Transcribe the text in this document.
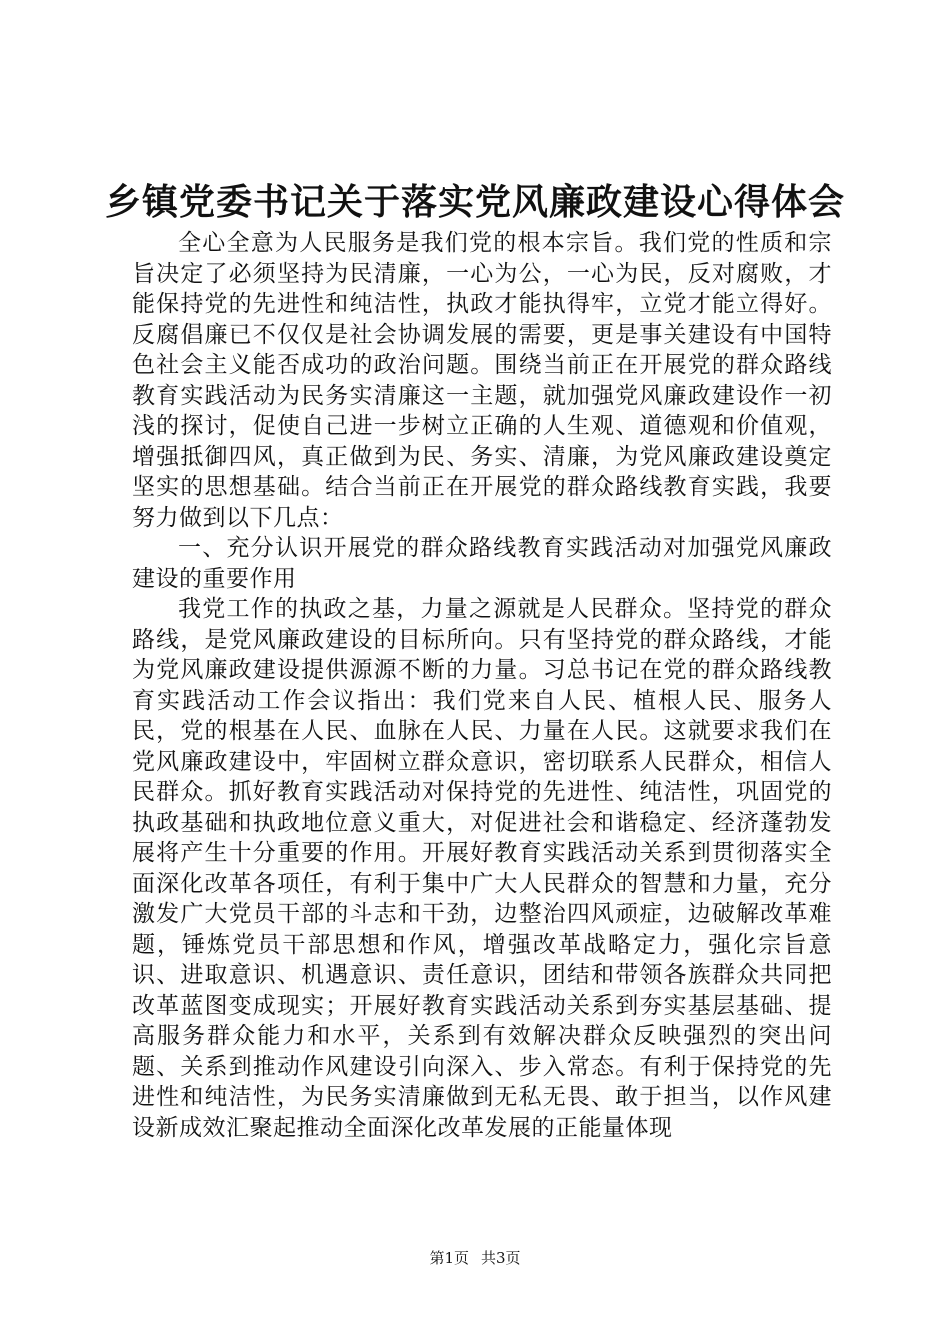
乡镇党委书记关于落实党风廉政建设心得体会

全心全意为人民服务是我们党的根本宗旨。我们党的性质和宗旨决定了必须坚持为民清廉，一心为公，一心为民，反对腐败，才能保持党的先进性和纯洁性，执政才能执得牢，立党才能立得好。反腐倡廉已不仅仅是社会协调发展的需要，更是事关建设有中国特色社会主义能否成功的政治问题。围绕当前正在开展党的群众路线教育实践活动为民务实清廉这一主题，就加强党风廉政建设作一初浅的探讨，促使自己进一步树立正确的人生观、道德观和价值观，增强抵御四风，真正做到为民、务实、清廉，为党风廉政建设奠定坚实的思想基础。结合当前正在开展党的群众路线教育实践，我要努力做到以下几点：

一、充分认识开展党的群众路线教育实践活动对加强党风廉政建设的重要作用

我党工作的执政之基，力量之源就是人民群众。坚持党的群众路线，是党风廉政建设的目标所向。只有坚持党的群众路线，才能为党风廉政建设提供源源不断的力量。习总书记在党的群众路线教育实践活动工作会议指出：我们党来自人民、植根人民、服务人民，党的根基在人民、血脉在人民、力量在人民。这就要求我们在党风廉政建设中，牢固树立群众意识，密切联系人民群众，相信人民群众。抓好教育实践活动对保持党的先进性、纯洁性，巩固党的执政基础和执政地位意义重大，对促进社会和谐稳定、经济蓬勃发展将产生十分重要的作用。开展好教育实践活动关系到贯彻落实全面深化改革各项任，有利于集中广大人民群众的智慧和力量，充分激发广大党员干部的斗志和干劲，边整治四风顽症，边破解改革难题，锤炼党员干部思想和作风，增强改革战略定力，强化宗旨意识、进取意识、机遇意识、责任意识，团结和带领各族群众共同把改革蓝图变成现实；开展好教育实践活动关系到夯实基层基础、提高服务群众能力和水平，关系到有效解决群众反映强烈的突出问题、关系到推动作风建设引向深入、步入常态。有利于保持党的先进性和纯洁性，为民务实清廉做到无私无畏、敢于担当，以作风建设新成效汇聚起推动全面深化改革发展的正能量体现

第1页 共3页
